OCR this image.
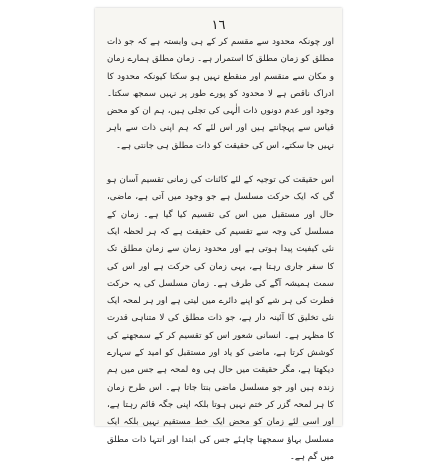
١٦

اور چونکہ محدود سے مقسم کر کے ہی وابستہ ہے کہ جو ذات مطلق کو زمان مطلق کا استمرار ہے۔ زمان مطلق ہمارے زمان و مکان سے منقسم اور منقطع نہیں ہو سکتا کیونکہ محدود کا ادراک ناقص ہے لا محدود کو پورے طور پر نہیں سمجھ سکتا۔ وجود اور عدم دونوں ذات الٰہی کی تجلی ہیں، ہم ان کو محض قیاس سے پہچانتے ہیں اور اس لئے کہ ہم اپنی ذات سے باہر نہیں جا سکتے، اس کی حقیقت کو ذات مطلق ہی جانتی ہے۔

اس حقیقت کی توجیہ کے لئے کائنات کی زمانی تقسیم آسان ہو گی کہ ایک حرکت مسلسل ہے جو وجود میں آتی ہے، ماضی، حال اور مستقبل میں اس کی تقسیم کیا گیا ہے۔ زمان کے مسلسل کی وجہ سے تقسیم کی حقیقت ہے کہ ہر لحظہ ایک نئی کیفیت پیدا ہوتی ہے اور محدود زمان سے زمان مطلق تک کا سفر جاری رہتا ہے، یہی زمان کی حرکت ہے اور اس کی سمت ہمیشہ آگے کی طرف ہے۔ زمان مسلسل کی یہ حرکت فطرت کی ہر شے کو اپنے دائرے میں لیتی ہے اور ہر لمحہ ایک نئی تخلیق کا آئینہ دار ہے، جو ذات مطلق کی لا متناہی قدرت کا مظہر ہے۔ انسانی شعور اس کو تقسیم کر کے سمجھنے کی کوشش کرتا ہے، ماضی کو یاد اور مستقبل کو امید کے سہارے دیکھتا ہے، مگر حقیقت میں حال ہی وہ لمحہ ہے جس میں ہم زندہ ہیں اور جو مسلسل ماضی بنتا جاتا ہے۔ اس طرح زمان کا ہر لمحہ گزر کر ختم نہیں ہوتا بلکہ اپنی جگہ قائم رہتا ہے، اور اسی لئے زمان کو محض ایک خط مستقیم نہیں بلکہ ایک مسلسل بہاؤ سمجھنا چاہئے جس کی ابتدا اور انتہا ذات مطلق میں گم ہے۔
